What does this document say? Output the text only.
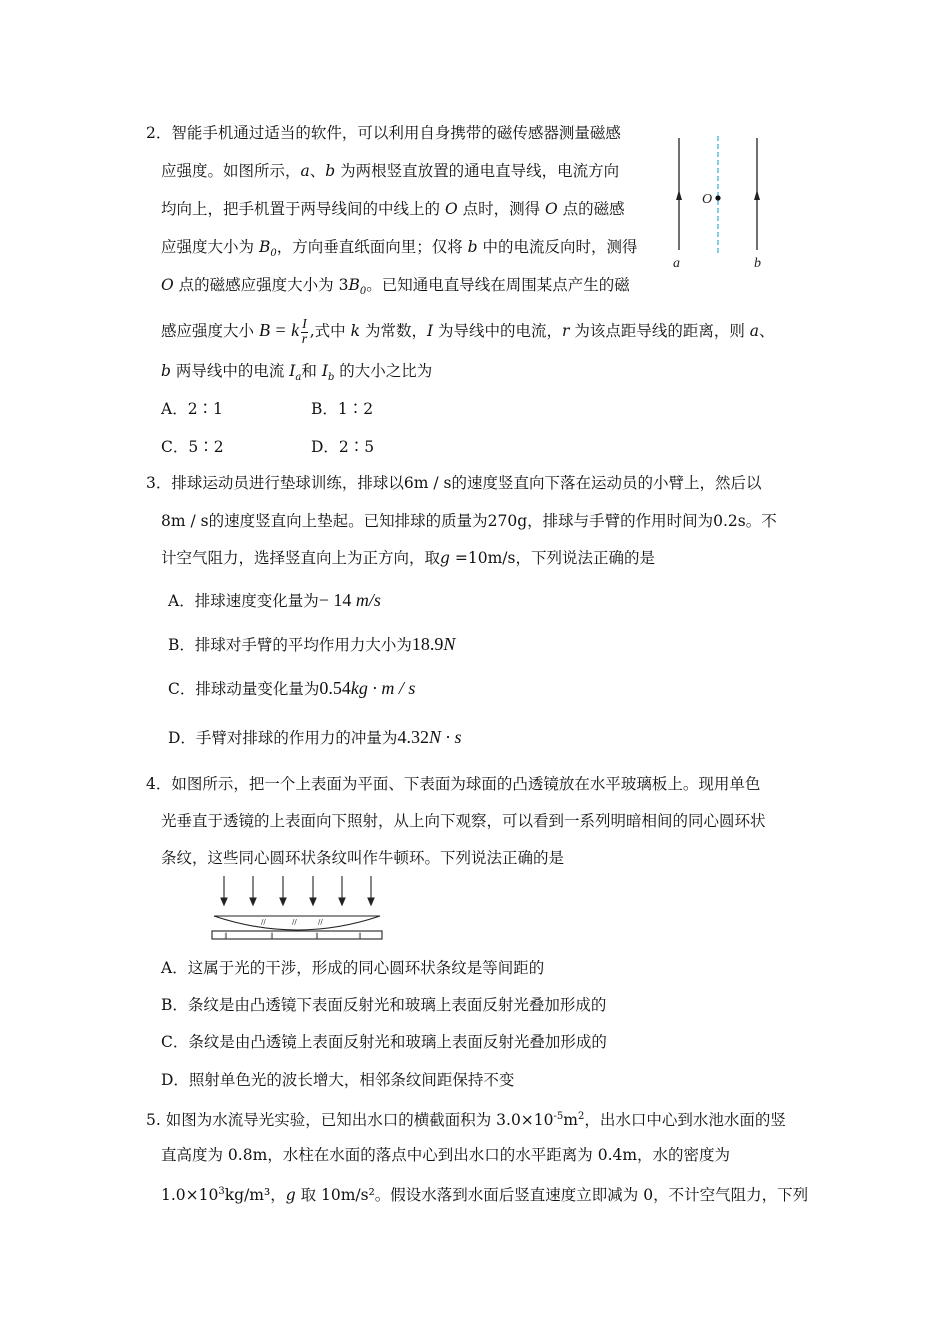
2．智能手机通过适当的软件，可以利用自身携带的磁传感器测量磁感
应强度。如图所示，a、b 为两根竖直放置的通电直导线，电流方向
均向上，把手机置于两导线间的中线上的 O 点时，测得 O 点的磁感
应强度大小为 $B_0$，方向垂直纸面向里；仅将 b 中的电流反向时，测得
O 点的磁感应强度大小为 $3B_0$。已知通电直导线在周围某点产生的磁
感应强度大小 B = k $\frac{I}{r}$ ,式中 k 为常数，I 为导线中的电流，r 为该点距导线的距离，则 a、
b 两导线中的电流 $I_a$和 $I_b$ 的大小之比为
A．2∶1	B．1∶2
C．5∶2	D．2∶5
O
a	b
3．排球运动员进行垫球训练，排球以6m / s的速度竖直向下落在运动员的小臂上，然后以
8m / s的速度竖直向上垫起。已知排球的质量为270g，排球与手臂的作用时间为0.2s。不
计空气阻力，选择竖直向上为正方向，取g =10m/s，下列说法正确的是
A．排球速度变化量为− 14 m/s
B．排球对手臂的平均作用力大小为18.9N
C．排球动量变化量为0.54kg · m / s
D．手臂对排球的作用力的冲量为4.32N · s
4．如图所示，把一个上表面为平面、下表面为球面的凸透镜放在水平玻璃板上。现用单色
光垂直于透镜的上表面向下照射，从上向下观察，可以看到一系列明暗相间的同心圆环状
条纹，这些同心圆环状条纹叫作牛顿环。下列说法正确的是
//	//	//
∥	∥	∥	∥
A．这属于光的干涉，形成的同心圆环状条纹是等间距的
B．条纹是由凸透镜下表面反射光和玻璃上表面反射光叠加形成的
C．条纹是由凸透镜上表面反射光和玻璃上表面反射光叠加形成的
D．照射单色光的波长增大，相邻条纹间距保持不变
5. 如图为水流导光实验，已知出水口的横截面积为 $3.0\times 10^{-5}m^2$，出水口中心到水池水面的竖
直高度为 0.8m，水柱在水面的落点中心到出水口的水平距离为 0.4m，水的密度为
$1.0\times 10^3kg/m^3$，g 取 10m/s²。假设水落到水面后竖直速度立即减为 0，不计空气阻力，下列
